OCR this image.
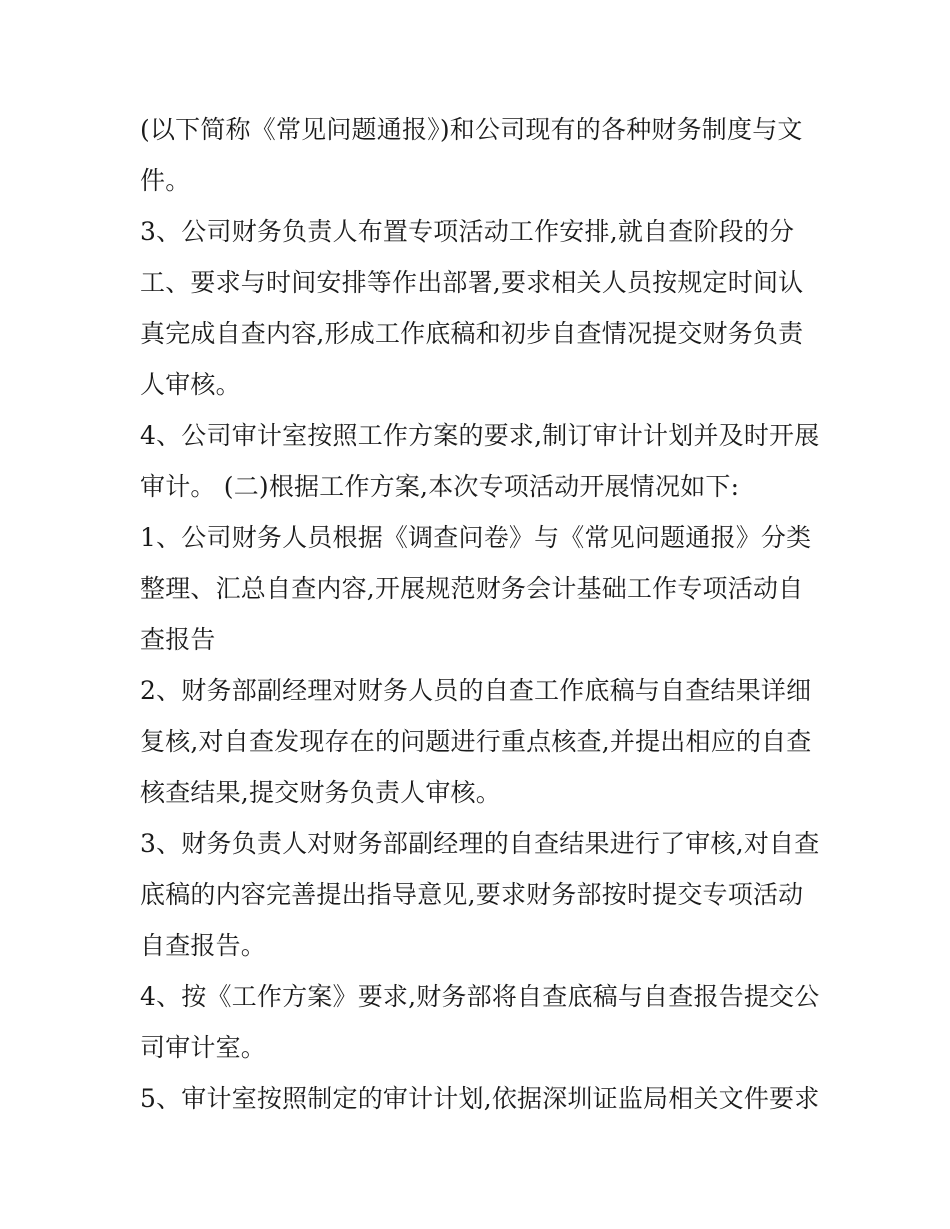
(以下简称《常见问题通报》)和公司现有的各种财务制度与文
件。
3、公司财务负责人布置专项活动工作安排,就自查阶段的分
工、要求与时间安排等作出部署,要求相关人员按规定时间认
真完成自查内容,形成工作底稿和初步自查情况提交财务负责
人审核。
4、公司审计室按照工作方案的要求,制订审计计划并及时开展
审计。 (二)根据工作方案,本次专项活动开展情况如下:
1、公司财务人员根据《调查问卷》与《常见问题通报》分类
整理、汇总自查内容,开展规范财务会计基础工作专项活动自
查报告
2、财务部副经理对财务人员的自查工作底稿与自查结果详细
复核,对自查发现存在的问题进行重点核查,并提出相应的自查
核查结果,提交财务负责人审核。
3、财务负责人对财务部副经理的自查结果进行了审核,对自查
底稿的内容完善提出指导意见,要求财务部按时提交专项活动
自查报告。
4、按《工作方案》要求,财务部将自查底稿与自查报告提交公
司审计室。
5、审计室按照制定的审计计划,依据深圳证监局相关文件要求
